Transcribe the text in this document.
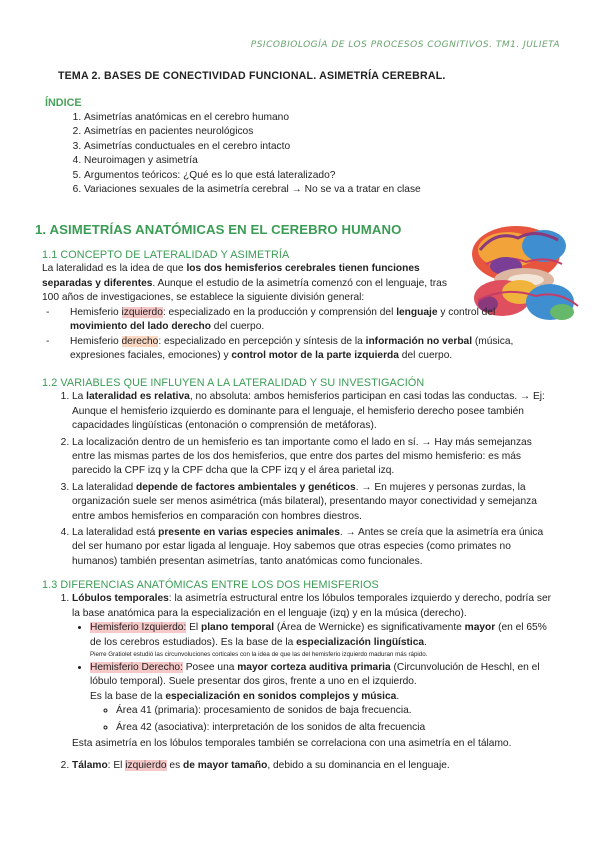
PSICOBIOLOGÍA DE LOS PROCESOS COGNITIVOS. TM1. JULIETA
TEMA 2. BASES DE CONECTIVIDAD FUNCIONAL. ASIMETRÍA CEREBRAL.
ÍNDICE
1. Asimetrías anatómicas en el cerebro humano
2. Asimetrías en pacientes neurológicos
3. Asimetrías conductuales en el cerebro intacto
4. Neuroimagen y asimetría
5. Argumentos teóricos: ¿Qué es lo que está lateralizado?
6. Variaciones sexuales de la asimetría cerebral → No se va a tratar en clase
1. ASIMETRÍAS ANATÓMICAS EN EL CEREBRO HUMANO
1.1 CONCEPTO DE LATERALIDAD Y ASIMETRÍA
La lateralidad es la idea de que los dos hemisferios cerebrales tienen funciones separadas y diferentes. Aunque el estudio de la asimetría comenzó con el lenguaje, tras 100 años de investigaciones, se establece la siguiente división general:
- Hemisferio izquierdo: especializado en la producción y comprensión del lenguaje y control del movimiento del lado derecho del cuerpo.
- Hemisferio derecho: especializado en percepción y síntesis de la información no verbal (música, expresiones faciales, emociones) y control motor de la parte izquierda del cuerpo.
1.2 VARIABLES QUE INFLUYEN A LA LATERALIDAD Y SU INVESTIGACIÓN
1. La lateralidad es relativa, no absoluta: ambos hemisferios participan en casi todas las conductas. → Ej: Aunque el hemisferio izquierdo es dominante para el lenguaje, el hemisferio derecho posee también capacidades lingüísticas (entonación o comprensión de metáforas).
2. La localización dentro de un hemisferio es tan importante como el lado en sí. → Hay más semejanzas entre las mismas partes de los dos hemisferios, que entre dos partes del mismo hemisferio: es más parecido la CPF izq y la CPF dcha que la CPF izq y el área parietal izq.
3. La lateralidad depende de factores ambientales y genéticos. → En mujeres y personas zurdas, la organización suele ser menos asimétrica (más bilateral), presentando mayor conectividad y semejanza entre ambos hemisferios en comparación con hombres diestros.
4. La lateralidad está presente en varias especies animales. → Antes se creía que la asimetría era única del ser humano por estar ligada al lenguaje. Hoy sabemos que otras especies (como primates no humanos) también presentan asimetrías, tanto anatómicas como funcionales.
1.3 DIFERENCIAS ANATÓMICAS ENTRE LOS DOS HEMISFERIOS
1. Lóbulos temporales: la asimetría estructural entre los lóbulos temporales izquierdo y derecho, podría ser la base anatómica para la especialización en el lenguaje (izq) y en la música (derecho).
• Hemisferio Izquierdo: El plano temporal (Área de Wernicke) es significativamente mayor (en el 65% de los cerebros estudiados). Es la base de la especialización lingüística.
Pierre Gratiolet estudió las circunvoluciones corticales con la idea de que las del hemisferio izquierdo maduran más rápido.
• Hemisferio Derecho: Posee una mayor corteza auditiva primaria (Circunvolución de Heschl, en el lóbulo temporal). Suele presentar dos giros, frente a uno en el izquierdo.
Es la base de la especialización en sonidos complejos y música.
◦ Área 41 (primaria): procesamiento de sonidos de baja frecuencia.
◦ Área 42 (asociativa): interpretación de los sonidos de alta frecuencia
Esta asimetría en los lóbulos temporales también se correlaciona con una asimetría en el tálamo.
2. Tálamo: El izquierdo es de mayor tamaño, debido a su dominancia en el lenguaje.
